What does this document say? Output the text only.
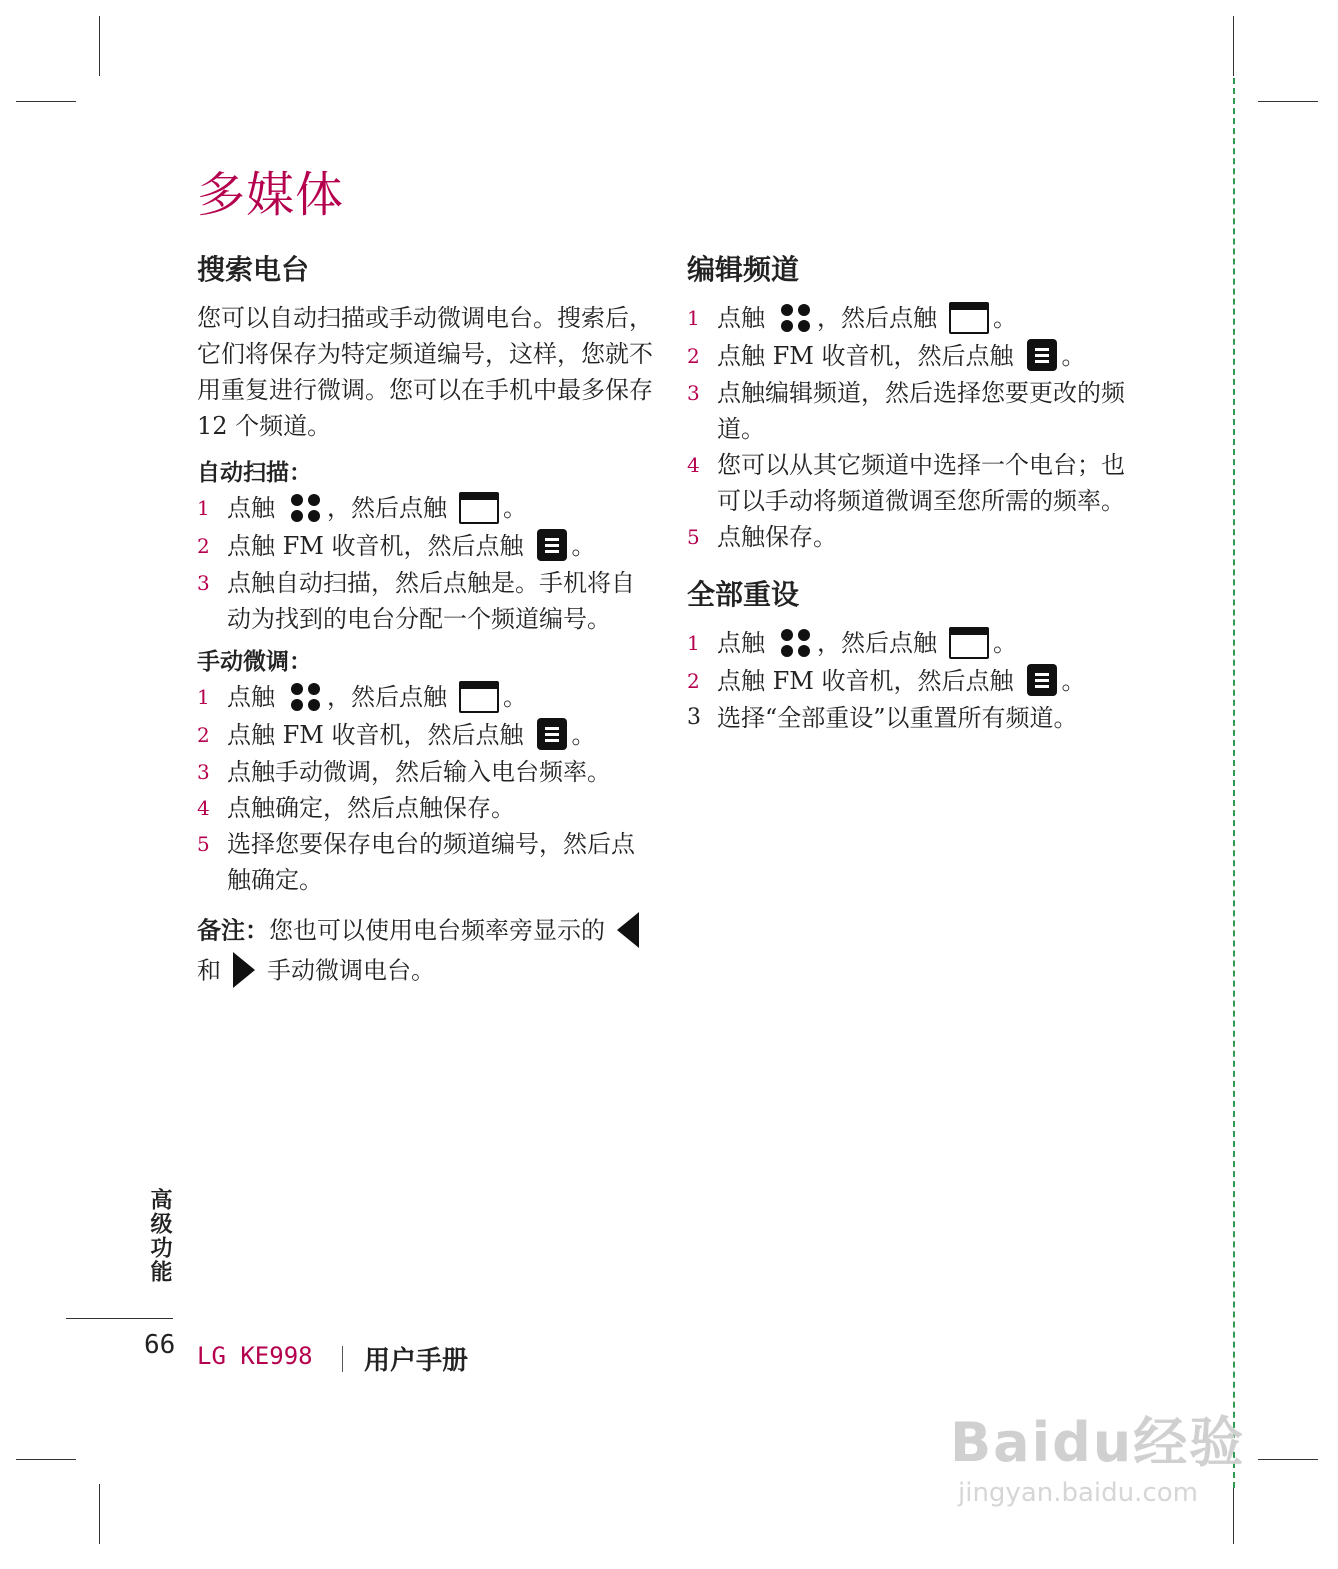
多媒体
搜索电台

您可以自动扫描或手动微调电台。搜索后，它们将保存为特定频道编号，这样，您就不用重复进行微调。您可以在手机中最多保存 12 个频道。

自动扫描：
1 点触 ，然后点触 。
2 点触 FM 收音机，然后点触 。
3 点触自动扫描，然后点触是。手机将自动为找到的电台分配一个频道编号。
手动微调：
1 点触 ，然后点触 。
2 点触 FM 收音机，然后点触 。
3 点触手动微调，然后输入电台频率。
4 点触确定，然后点触保存。
5 选择您要保存电台的频道编号，然后点触确定。

备注：您也可以使用电台频率旁显示的和 手动微调电台。

编辑频道
1 点触 ，然后点触 。
2 点触 FM 收音机，然后点触 。
3 点触编辑频道，然后选择您要更改的频道。
4 您可以从其它频道中选择一个电台；也可以手动将频道微调至您所需的频率。
5 点触保存。
全部重设
1 点触 ，然后点触 。
2 点触 FM 收音机，然后点触 。
3 选择“全部重设”以重置所有频道。
高级功能
66 LG KE998 用户手册
Baidu经验
jingyan.baidu.com
